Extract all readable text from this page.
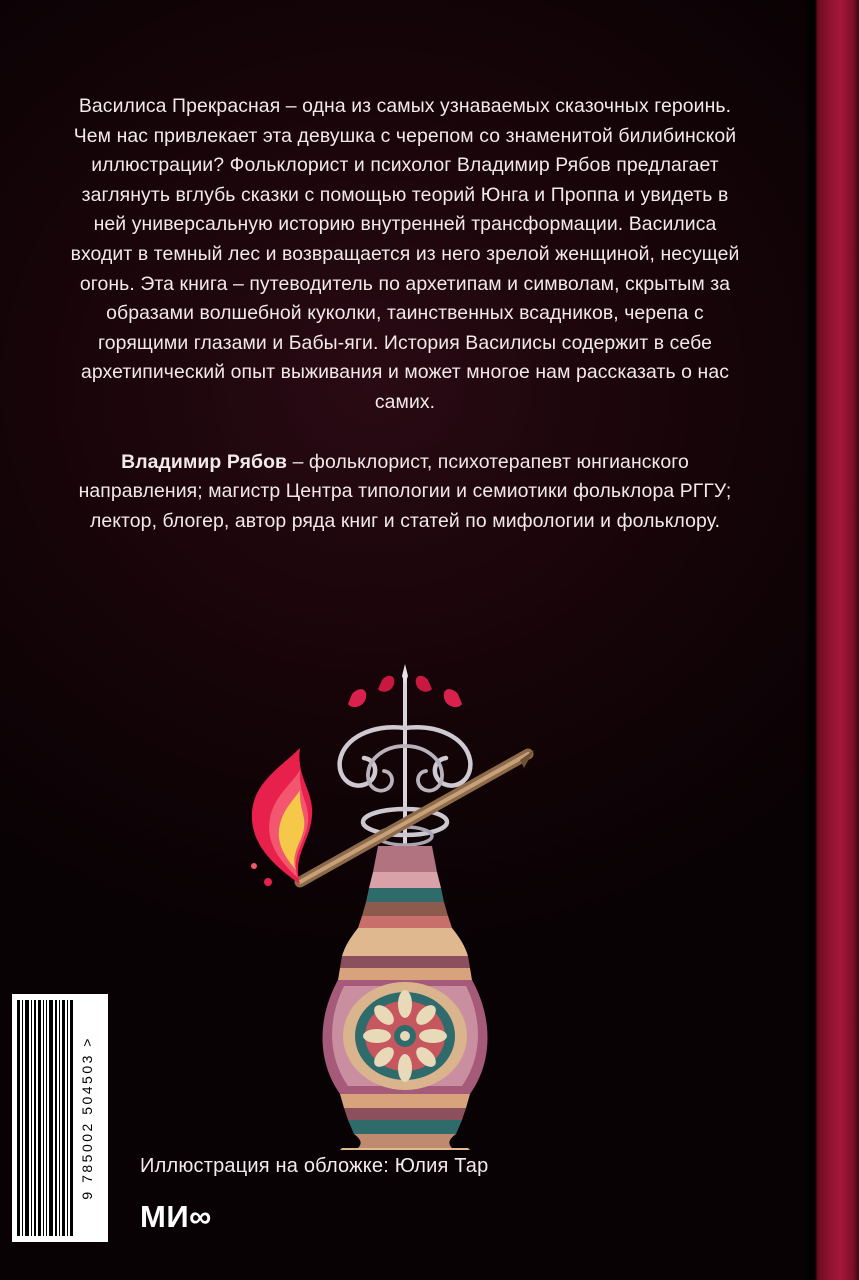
Василиса Прекрасная – одна из самых узнаваемых сказочных героинь. Чем нас привлекает эта девушка с черепом со знаменитой билибинской иллюстрации? Фольклорист и психолог Владимир Рябов предлагает заглянуть вглубь сказки с помощью теорий Юнга и Проппа и увидеть в ней универсальную историю внутренней трансформации. Василиса входит в темный лес и возвращается из него зрелой женщиной, несущей огонь. Эта книга – путеводитель по архетипам и символам, скрытым за образами волшебной куколки, таинственных всадников, черепа с горящими глазами и Бабы-яги. История Василисы содержит в себе архетипический опыт выживания и может многое нам рассказать о нас самих.

Владимир Рябов – фольклорист, психотерапевт юнгианского направления; магистр Центра типологии и семиотики фольклора РГГУ; лектор, блогер, автор ряда книг и статей по мифологии и фольклору.

9 785002 504503 > Иллюстрация на обложке: Юлия Тар
МИ∞
